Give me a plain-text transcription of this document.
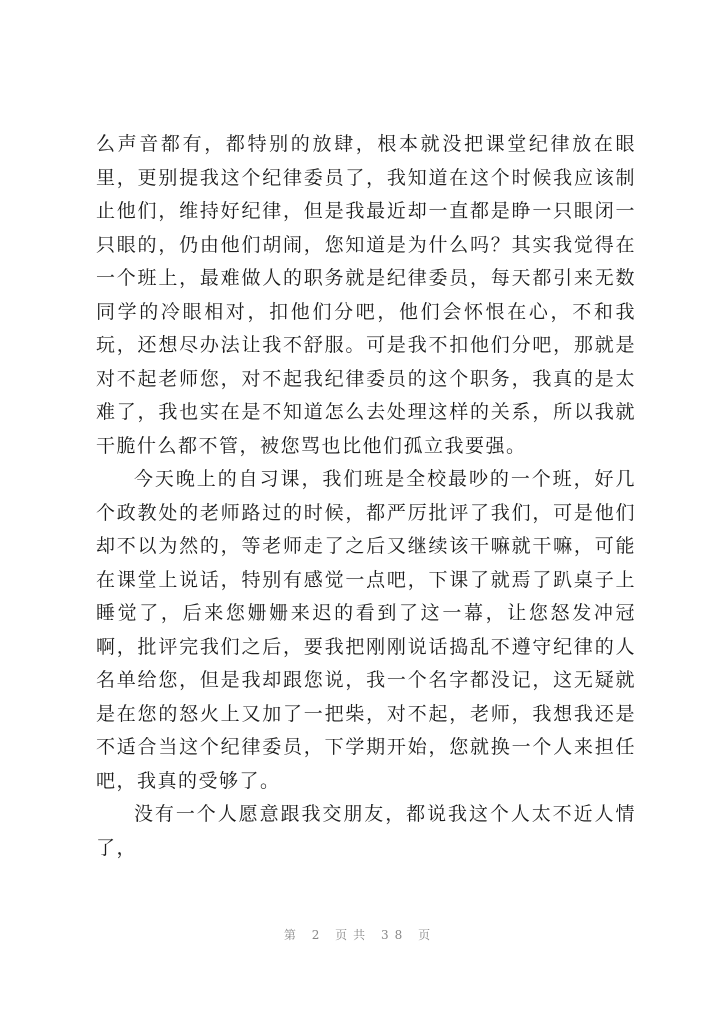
么声音都有，都特别的放肆，根本就没把课堂纪律放在眼里，更别提我这个纪律委员了，我知道在这个时候我应该制止他们，维持好纪律，但是我最近却一直都是睁一只眼闭一只眼的，仍由他们胡闹，您知道是为什么吗？其实我觉得在一个班上，最难做人的职务就是纪律委员，每天都引来无数同学的冷眼相对，扣他们分吧，他们会怀恨在心，不和我玩，还想尽办法让我不舒服。可是我不扣他们分吧，那就是对不起老师您，对不起我纪律委员的这个职务，我真的是太难了，我也实在是不知道怎么去处理这样的关系，所以我就干脆什么都不管，被您骂也比他们孤立我要强。

今天晚上的自习课，我们班是全校最吵的一个班，好几个政教处的老师路过的时候，都严厉批评了我们，可是他们却不以为然的，等老师走了之后又继续该干嘛就干嘛，可能在课堂上说话，特别有感觉一点吧，下课了就焉了趴桌子上睡觉了，后来您姗姗来迟的看到了这一幕，让您怒发冲冠啊，批评完我们之后，要我把刚刚说话捣乱不遵守纪律的人名单给您，但是我却跟您说，我一个名字都没记，这无疑就是在您的怒火上又加了一把柴，对不起，老师，我想我还是不适合当这个纪律委员，下学期开始，您就换一个人来担任吧，我真的受够了。

没有一个人愿意跟我交朋友，都说我这个人太不近人情了，

第 2 页共 38 页
